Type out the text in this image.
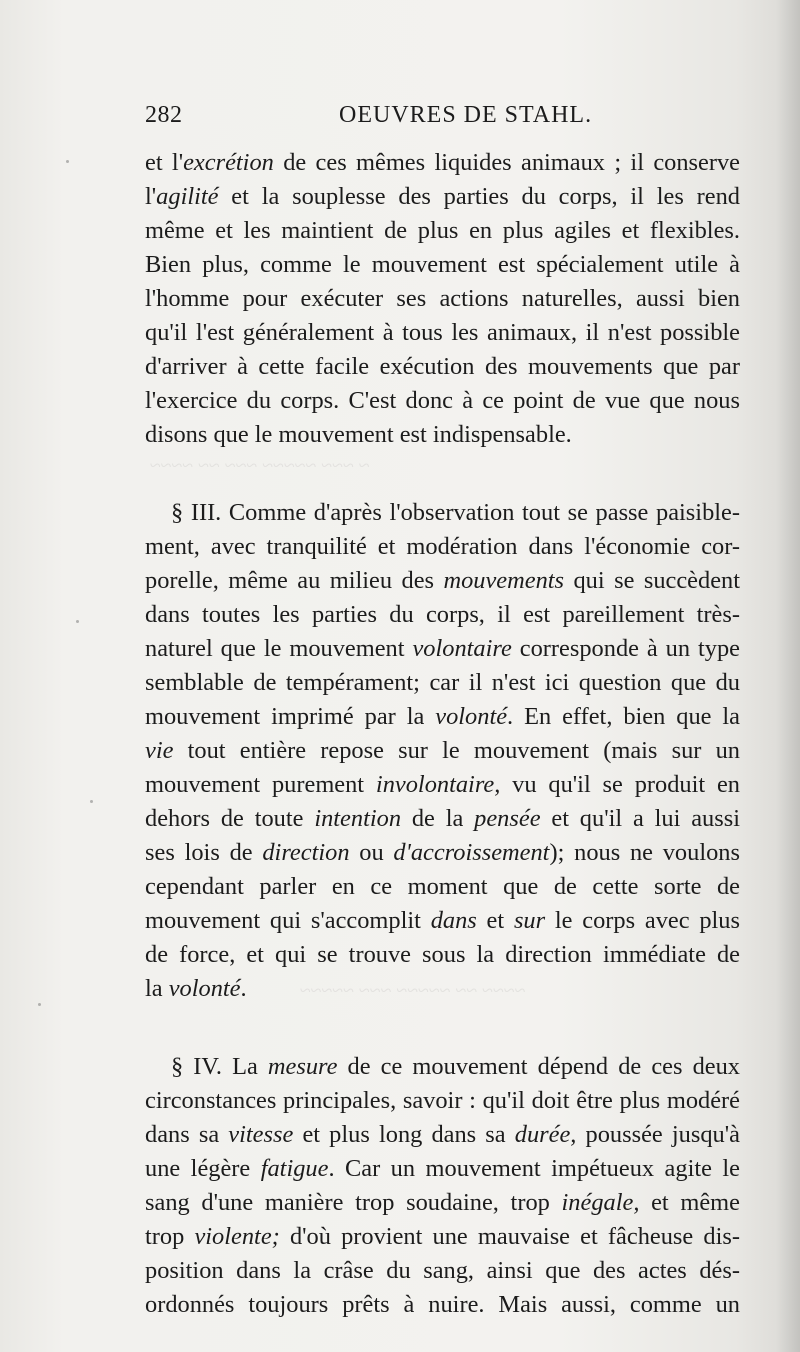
~ ~~~ ~~~~~ ~~~ ~~ ~~~~
~~~~ ~~ ~~~~~ ~~~ ~~~~~
282	OEUVRES DE STAHL.
et l'excrétion de ces mêmes liquides animaux ; il conserve
l'agilité et la souplesse des parties du corps, il les rend
même et les maintient de plus en plus agiles et flexibles.
Bien plus, comme le mouvement est spécialement utile à
l'homme pour exécuter ses actions naturelles, aussi bien
qu'il l'est généralement à tous les animaux, il n'est possible
d'arriver à cette facile exécution des mouvements que par
l'exercice du corps. C'est donc à ce point de vue que nous
disons que le mouvement est indispensable.
§ III. Comme d'après l'observation tout se passe paisible-
ment, avec tranquilité et modération dans l'économie cor-
porelle, même au milieu des mouvements qui se succèdent
dans toutes les parties du corps, il est pareillement très-
naturel que le mouvement volontaire corresponde à un type
semblable de tempérament; car il n'est ici question que du
mouvement imprimé par la volonté. En effet, bien que la
vie tout entière repose sur le mouvement (mais sur un
mouvement purement involontaire, vu qu'il se produit en
dehors de toute intention de la pensée et qu'il a lui aussi
ses lois de direction ou d'accroissement); nous ne voulons
cependant parler en ce moment que de cette sorte de
mouvement qui s'accomplit dans et sur le corps avec plus
de force, et qui se trouve sous la direction immédiate de
la volonté.
§ IV. La mesure de ce mouvement dépend de ces deux
circonstances principales, savoir : qu'il doit être plus modéré
dans sa vitesse et plus long dans sa durée, poussée jusqu'à
une légère fatigue. Car un mouvement impétueux agite le
sang d'une manière trop soudaine, trop inégale, et même
trop violente; d'où provient une mauvaise et fâcheuse dis-
position dans la crâse du sang, ainsi que des actes dés-
ordonnés toujours prêts à nuire. Mais aussi, comme un
